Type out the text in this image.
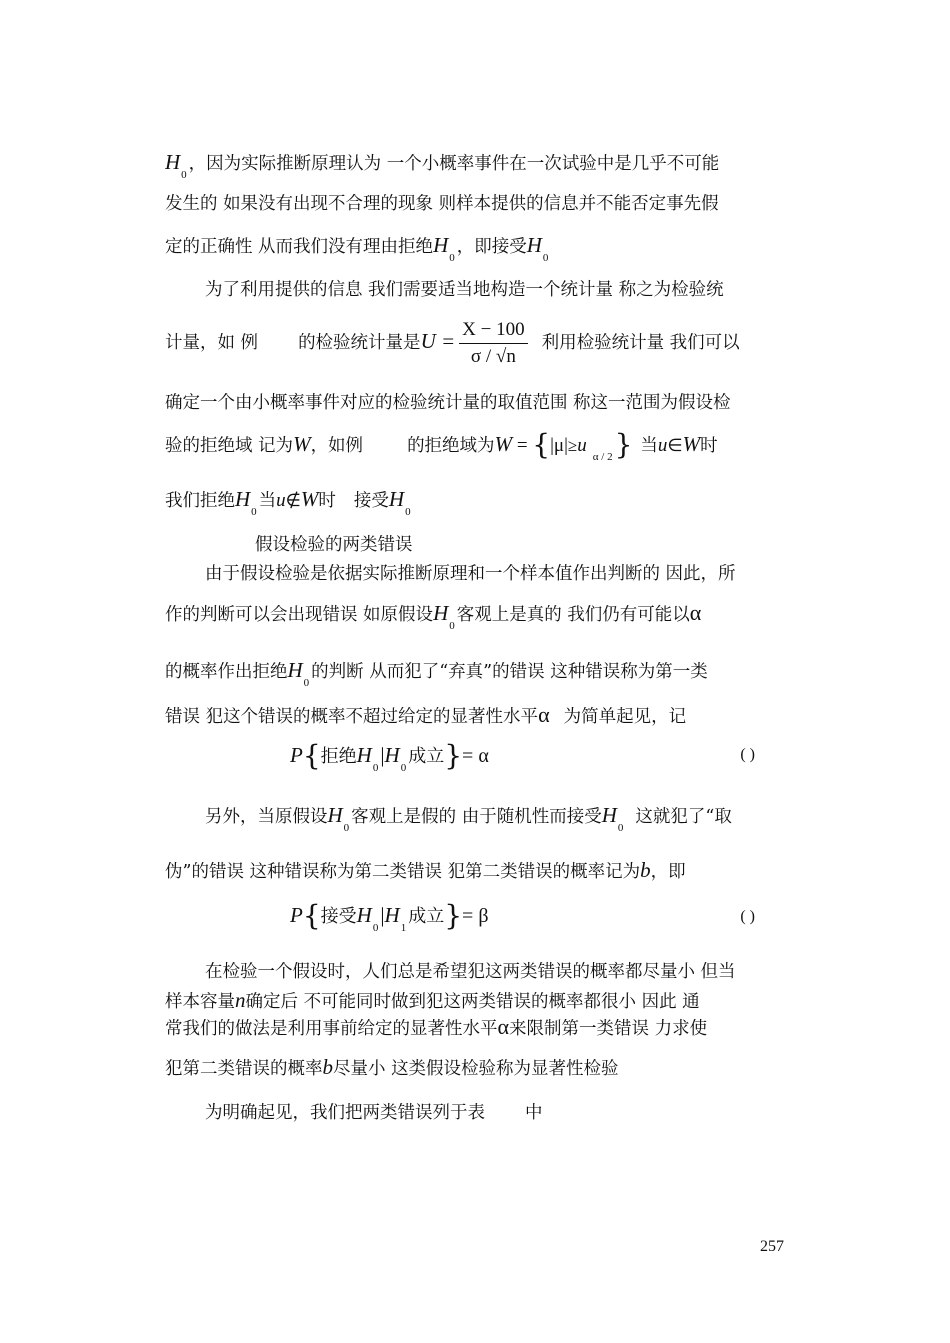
$H_0$，因为实际推断原理认为 一个小概率事件在一次试验中是几乎不可能
发生的 如果没有出现不合理的现象 则样本提供的信息并不能否定事先假
定的正确性 从而我们没有理由拒绝$H_0$，即接受$H_0$
为了利用提供的信息 我们需要适当地构造一个统计量 称之为检验统
计量，如 例 的检验统计量是$U = \frac{X - 100}{\sigma / √n}$ 利用检验统计量 我们可以
确定一个由小概率事件对应的检验统计量的取值范围 称这一范围为假设检
验的拒绝域 记为W，如例	的拒绝域为$W = \{|\mu|\ge u_{\alpha / 2}\}$ 当u∈W时
我们拒绝$H_0$当u∉W时 接受$H_0$
假设检验的两类错误
由于假设检验是依据实际推断原理和一个样本值作出判断的 因此，所
作的判断可以会出现错误 如原假设$H_0$客观上是真的 我们仍有可能以α
的概率作出拒绝$H_0$的判断 从而犯了“弃真”的错误 这种错误称为第一类
错误 犯这个错误的概率不超过给定的显著性水平α 为简单起见，记
P{拒绝$H_0|H_0$成立}= α	( )
另外，当原假设$H_0$客观上是假的 由于随机性而接受$H_0$这就犯了“取
伪”的错误 这种错误称为第二类错误 犯第二类错误的概率记为b，即
P{接受$H_0|H_1$成立}= β	( )
在检验一个假设时，人们总是希望犯这两类错误的概率都尽量小 但当
样本容量n确定后 不可能同时做到犯这两类错误的概率都很小 因此 通
常我们的做法是利用事前给定的显著性水平α来限制第一类错误 力求使
犯第二类错误的概率b尽量小 这类假设检验称为显著性检验
为明确起见，我们把两类错误列于表 中
257
